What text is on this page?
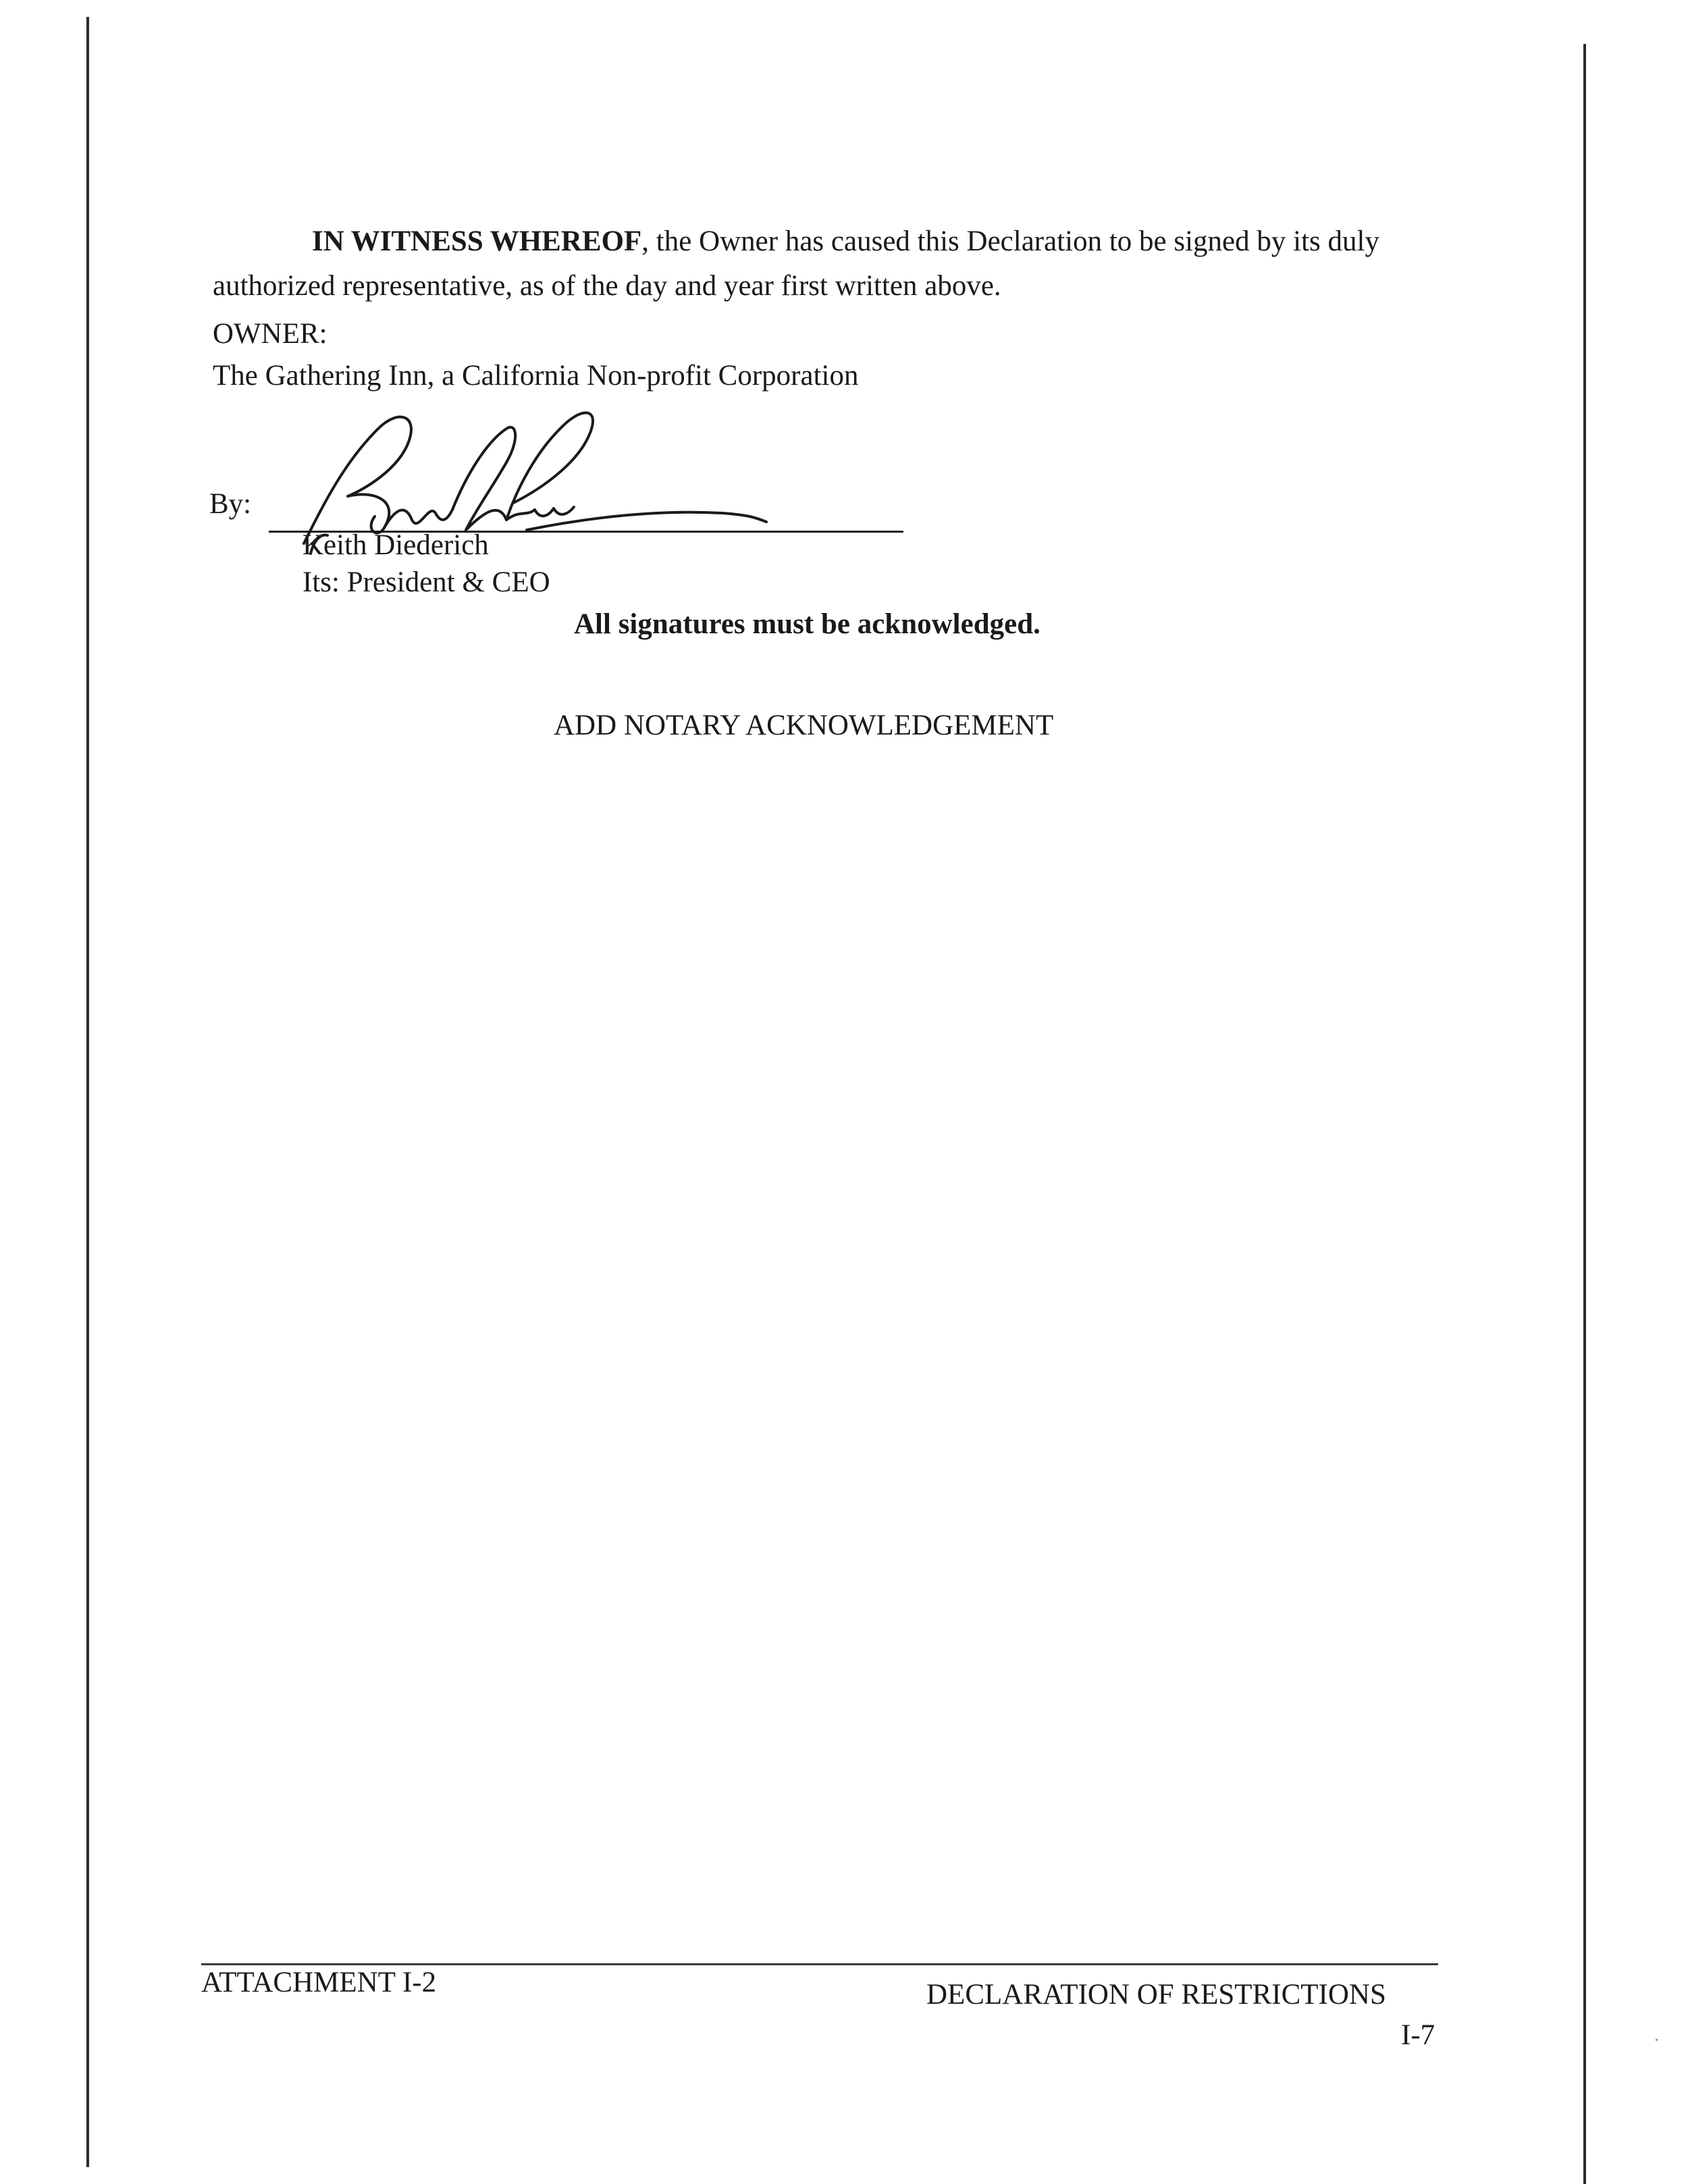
IN WITNESS WHEREOF, the Owner has caused this Declaration to be signed by its duly authorized representative, as of the day and year first written above.

OWNER:
The Gathering Inn, a California Non-profit Corporation
By:
Keith Diederich
Its: President & CEO
All signatures must be acknowledged.
ADD NOTARY ACKNOWLEDGEMENT
ATTACHMENT I-2	DECLARATION OF RESTRICTIONS
I-7
